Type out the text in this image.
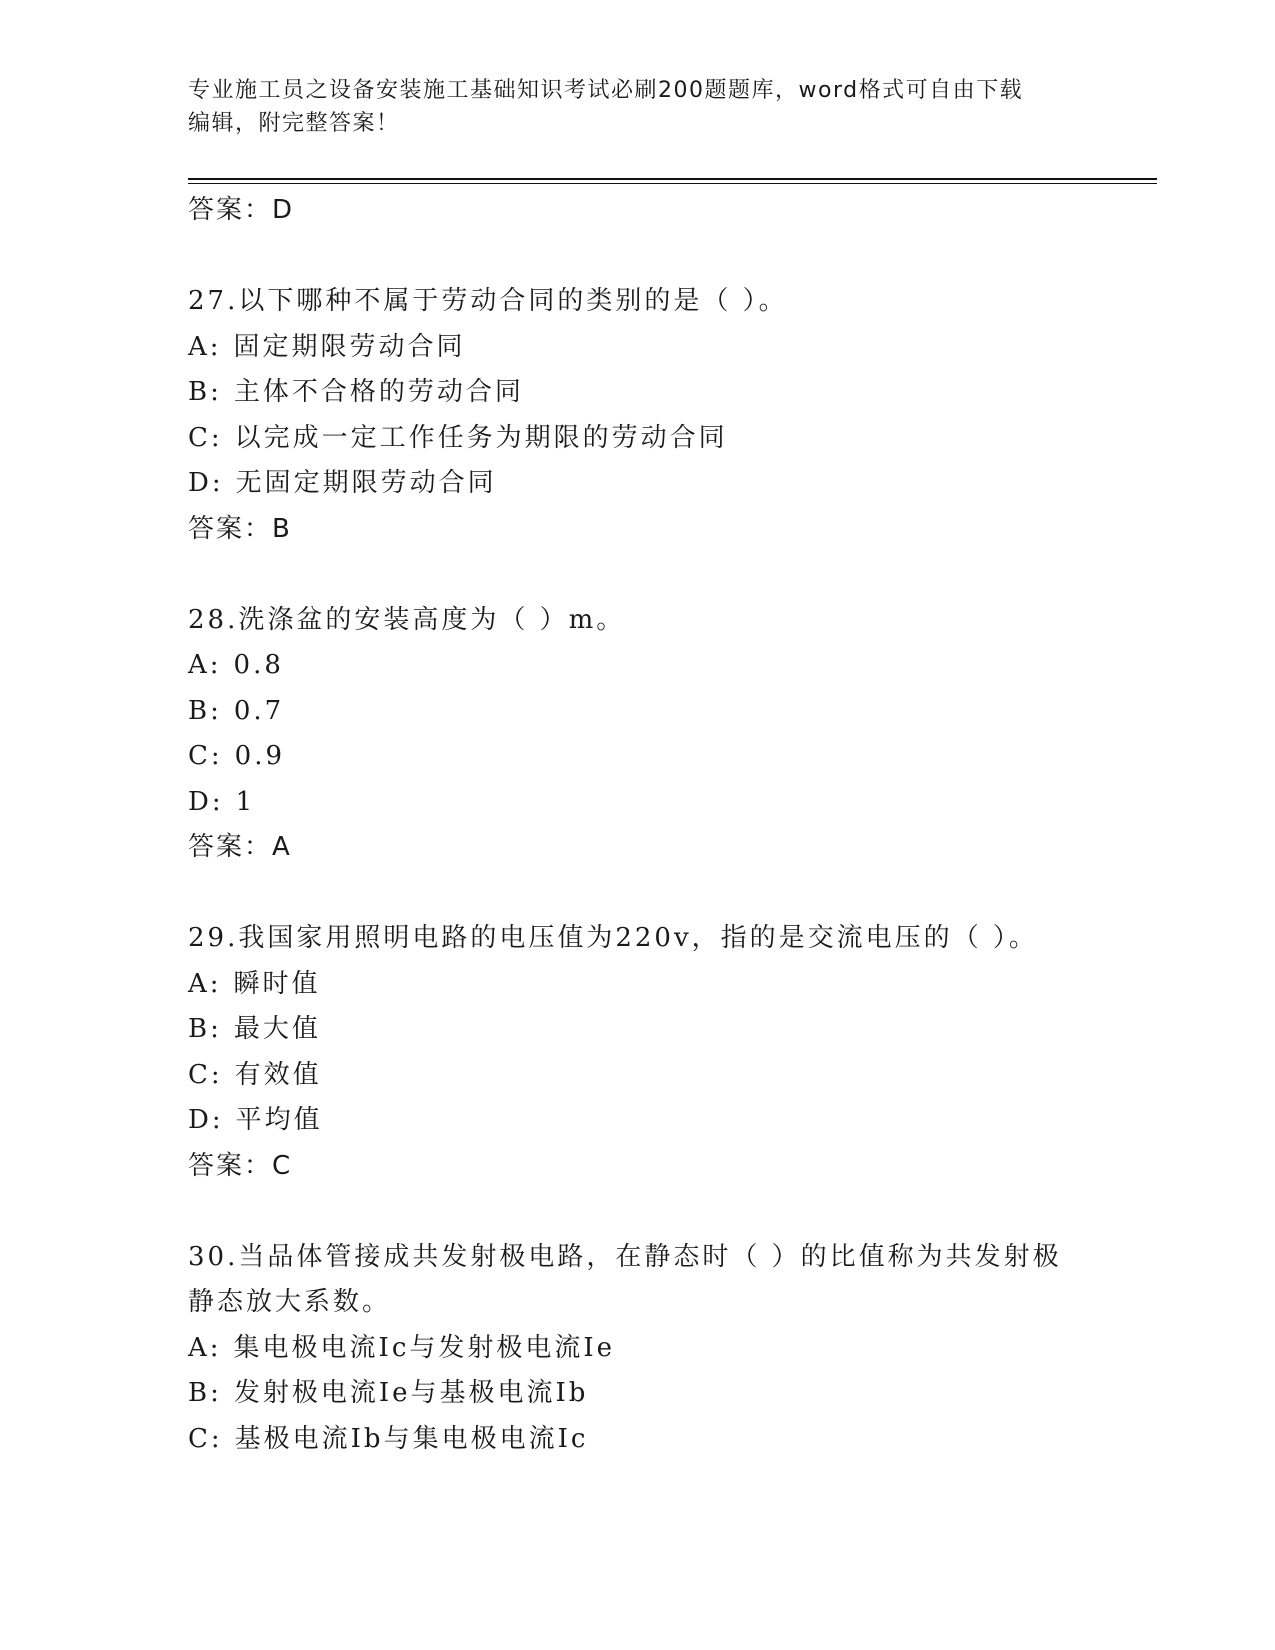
专业施工员之设备安装施工基础知识考试必刷200题题库，word格式可自由下载
编辑，附完整答案！
答案：D
27.以下哪种不属于劳动合同的类别的是（ ）。
A: 固定期限劳动合同
B: 主体不合格的劳动合同
C: 以完成一定工作任务为期限的劳动合同
D: 无固定期限劳动合同
答案：B
28.洗涤盆的安装高度为（ ）m。
A: 0.8
B: 0.7
C: 0.9
D: 1
答案：A
29.我国家用照明电路的电压值为220v，指的是交流电压的（ ）。
A: 瞬时值
B: 最大值
C: 有效值
D: 平均值
答案：C
30.当品体管接成共发射极电路，在静态时（ ）的比值称为共发射极
静态放大系数。
A: 集电极电流Ic与发射极电流Ie
B: 发射极电流Ie与基极电流Ib
C: 基极电流Ib与集电极电流Ic
